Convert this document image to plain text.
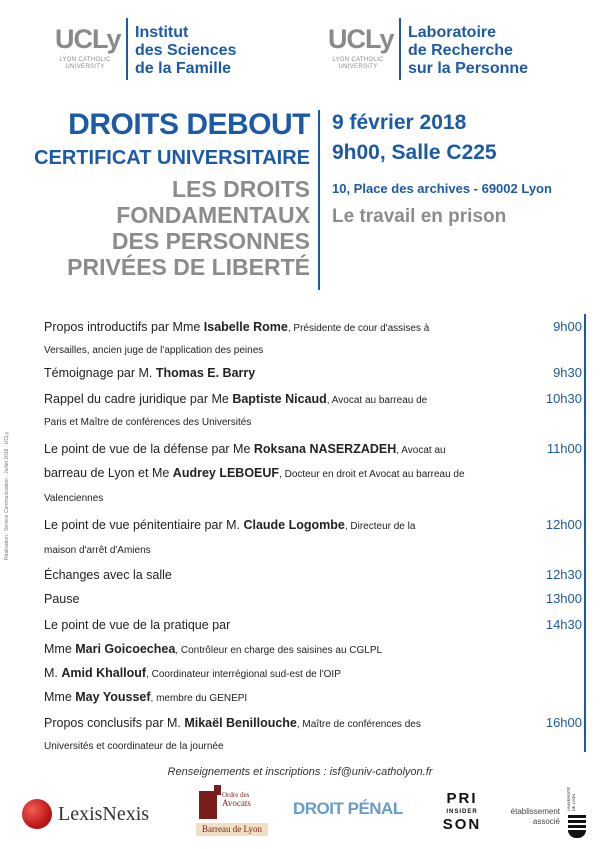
UCLy
LYON CATHOLIC
UNIVERSITY
Institut
des Sciences
de la Famille
UCLy
LYON CATHOLIC
UNIVERSITY
Laboratoire
de Recherche
sur la Personne
DROITS DEBOUT
CERTIFICAT UNIVERSITAIRE
LES DROITS
FONDAMENTAUX
DES PERSONNES
PRIVÉES DE LIBERTÉ
9 février 2018
9h00, Salle C225
10, Place des archives - 69002 Lyon
Le travail en prison
Réalisation : Service Communication - Juillet 2018 - UCLy
Propos introductifs par Mme Isabelle Rome, Présidente de cour d'assises à	9h00
Versailles, ancien juge de l'application des peines
Témoignage par M. Thomas E. Barry	9h30
Rappel du cadre juridique par Me Baptiste Nicaud, Avocat au barreau de	10h30
Paris et Maître de conférences des Universités
Le point de vue de la défense par Me Roksana NASERZADEH, Avocat au	11h00
barreau de Lyon et Me Audrey LEBOEUF, Docteur en droit et Avocat au barreau de
Valenciennes
Le point de vue pénitentiaire par M. Claude Logombe, Directeur de la	12h00
maison d'arrêt d'Amiens
Échanges avec la salle	12h30
Pause	13h00
Le point de vue de la pratique par	14h30
Mme Mari Goicoechea, Contrôleur en charge des saisines au CGLPL
M. Amid Khallouf, Coordinateur interrégional sud-est de l'OIP
Mme May Youssef, membre du GENEPI
Propos conclusifs par M. Mikaël Benillouche, Maître de conférences des	16h00
Universités et coordinateur de la journée
Renseignements et inscriptions : isf@univ-catholyon.fr
LexisNexis
Ordre des
Avocats
Barreau de Lyon
DROIT PÉNAL
PRI
INSIDER
SON
établissement
associé
UNIVERSITÉ DE LYON
